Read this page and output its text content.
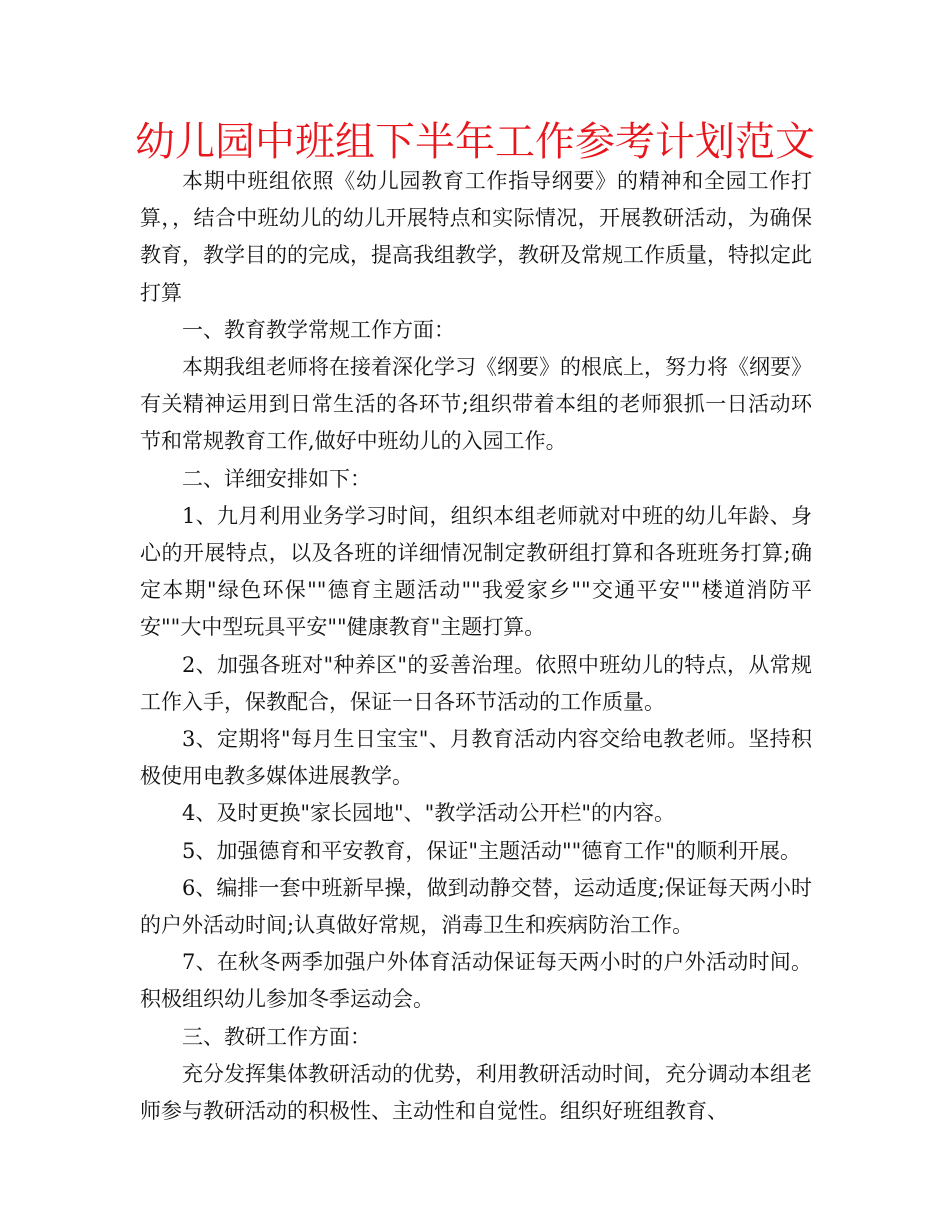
幼儿园中班组下半年工作参考计划范文

本期中班组依照《幼儿园教育工作指导纲要》的精神和全园工作打算，，结合中班幼儿的幼儿开展特点和实际情况，开展教研活动，为确保教育，教学目的的完成，提高我组教学，教研及常规工作质量，特拟定此打算

一、教育教学常规工作方面：

本期我组老师将在接着深化学习《纲要》的根底上，努力将《纲要》有关精神运用到日常生活的各环节;组织带着本组的老师狠抓一日活动环节和常规教育工作,做好中班幼儿的入园工作。

二、详细安排如下：

1、九月利用业务学习时间，组织本组老师就对中班的幼儿年龄、身心的开展特点，以及各班的详细情况制定教研组打算和各班班务打算;确定本期"绿色环保""德育主题活动""我爱家乡""交通平安""楼道消防平安""大中型玩具平安""健康教育"主题打算。

2、加强各班对"种养区"的妥善治理。依照中班幼儿的特点，从常规工作入手，保教配合，保证一日各环节活动的工作质量。

3、定期将"每月生日宝宝"、月教育活动内容交给电教老师。坚持积极使用电教多媒体进展教学。

4、及时更换"家长园地"、"教学活动公开栏"的内容。

5、加强德育和平安教育，保证"主题活动""德育工作"的顺利开展。

6、编排一套中班新早操，做到动静交替，运动适度;保证每天两小时的户外活动时间;认真做好常规，消毒卫生和疾病防治工作。

7、在秋冬两季加强户外体育活动保证每天两小时的户外活动时间。积极组织幼儿参加冬季运动会。

三、教研工作方面：

充分发挥集体教研活动的优势，利用教研活动时间，充分调动本组老师参与教研活动的积极性、主动性和自觉性。组织好班组教育、
